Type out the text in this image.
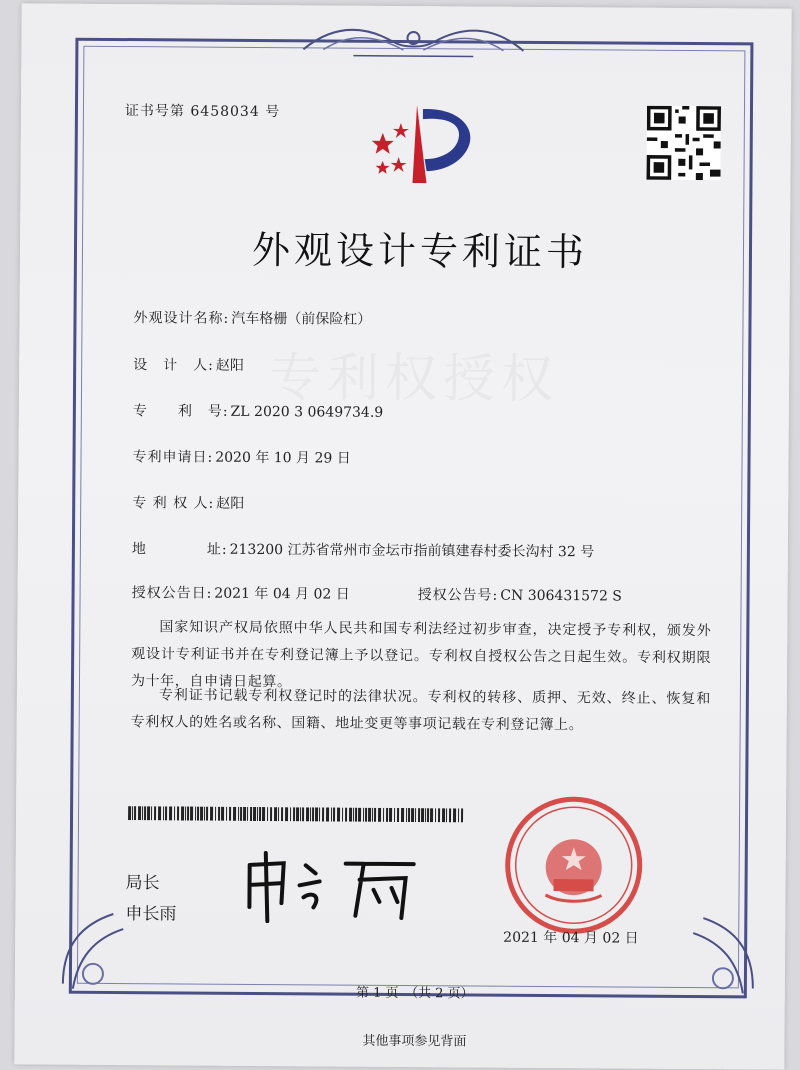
专利权授权
证书号第 6458034 号
外观设计专利证书
外观设计名称: 汽车格栅（前保险杠）
设　计　人: 赵阳
专　　利　号: ZL 2020 3 0649734.9
专利申请日: 2020 年 10 月 29 日
专 利 权 人: 赵阳
地　　　　址: 213200 江苏省常州市金坛市指前镇建春村委长沟村 32 号
授权公告日: 2021 年 04 月 02 日	授权公告号: CN 306431572 S
国家知识产权局依照中华人民共和国专利法经过初步审查，决定授予专利权，颁发外观设计专利证书并在专利登记簿上予以登记。专利权自授权公告之日起生效。专利权期限为十年，自申请日起算。
专利证书记载专利权登记时的法律状况。专利权的转移、质押、无效、终止、恢复和专利权人的姓名或名称、国籍、地址变更等事项记载在专利登记簿上。
局长
申长雨
2021 年 04 月 02 日
第 1 页　（共 2 页）
其他事项参见背面
